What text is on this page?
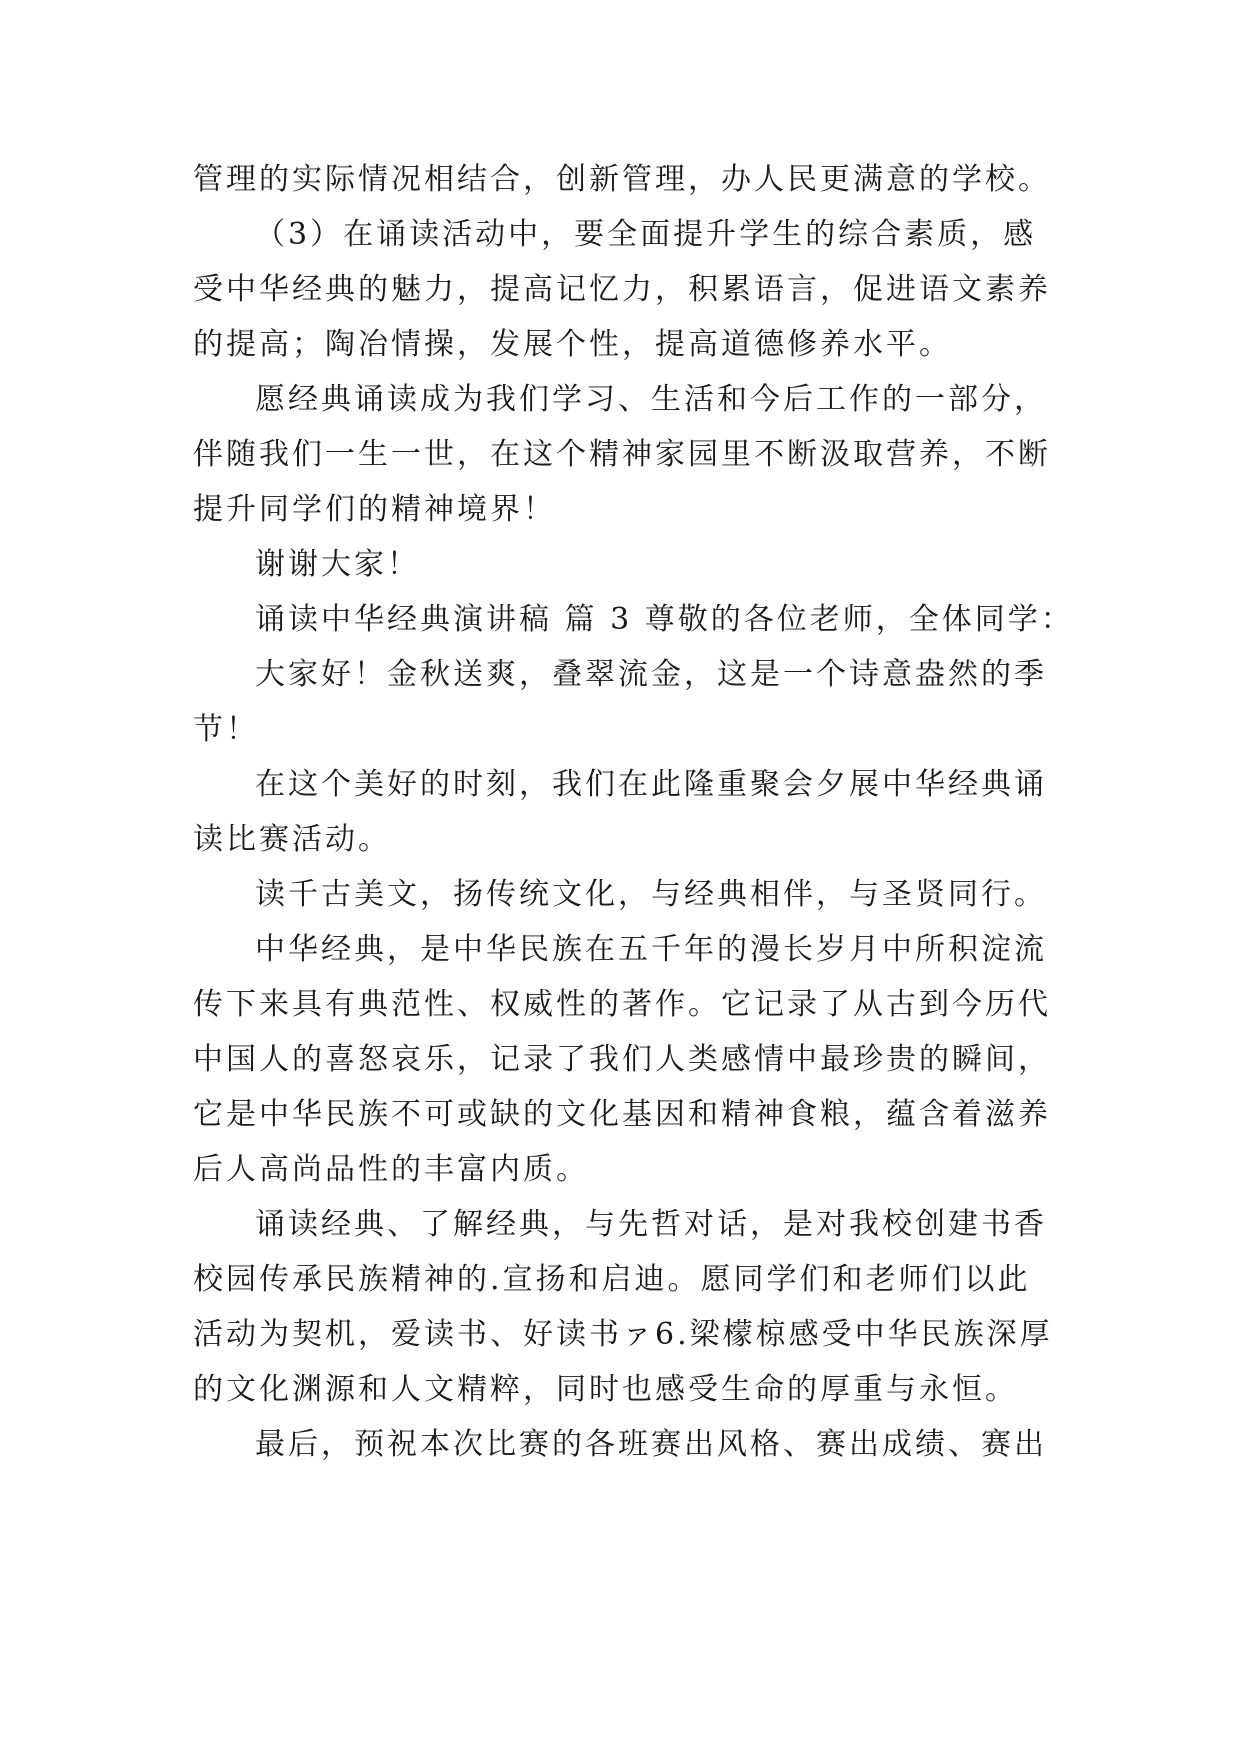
管理的实际情况相结合，创新管理，办人民更满意的学校。
（3）在诵读活动中，要全面提升学生的综合素质，感
受中华经典的魅力，提高记忆力，积累语言，促进语文素养
的提高；陶冶情操，发展个性，提高道德修养水平。
愿经典诵读成为我们学习、生活和今后工作的一部分，
伴随我们一生一世，在这个精神家园里不断汲取营养，不断
提升同学们的精神境界！
谢谢大家！
诵读中华经典演讲稿 篇 3 尊敬的各位老师，全体同学：
大家好！金秋送爽，叠翠流金，这是一个诗意盎然的季
节！
在这个美好的时刻，我们在此隆重聚会夕展中华经典诵
读比赛活动。
读千古美文，扬传统文化，与经典相伴，与圣贤同行。
中华经典，是中华民族在五千年的漫长岁月中所积淀流
传下来具有典范性、权威性的著作。它记录了从古到今历代
中国人的喜怒哀乐，记录了我们人类感情中最珍贵的瞬间，
它是中华民族不可或缺的文化基因和精神食粮，蕴含着滋养
后人高尚品性的丰富内质。
诵读经典、了解经典，与先哲对话，是对我校创建书香
校园传承民族精神的.宣扬和启迪。愿同学们和老师们以此
活动为契机，爱读书、好读书ァ6.梁檬椋感受中华民族深厚
的文化渊源和人文精粹，同时也感受生命的厚重与永恒。
最后，预祝本次比赛的各班赛出风格、赛出成绩、赛出
